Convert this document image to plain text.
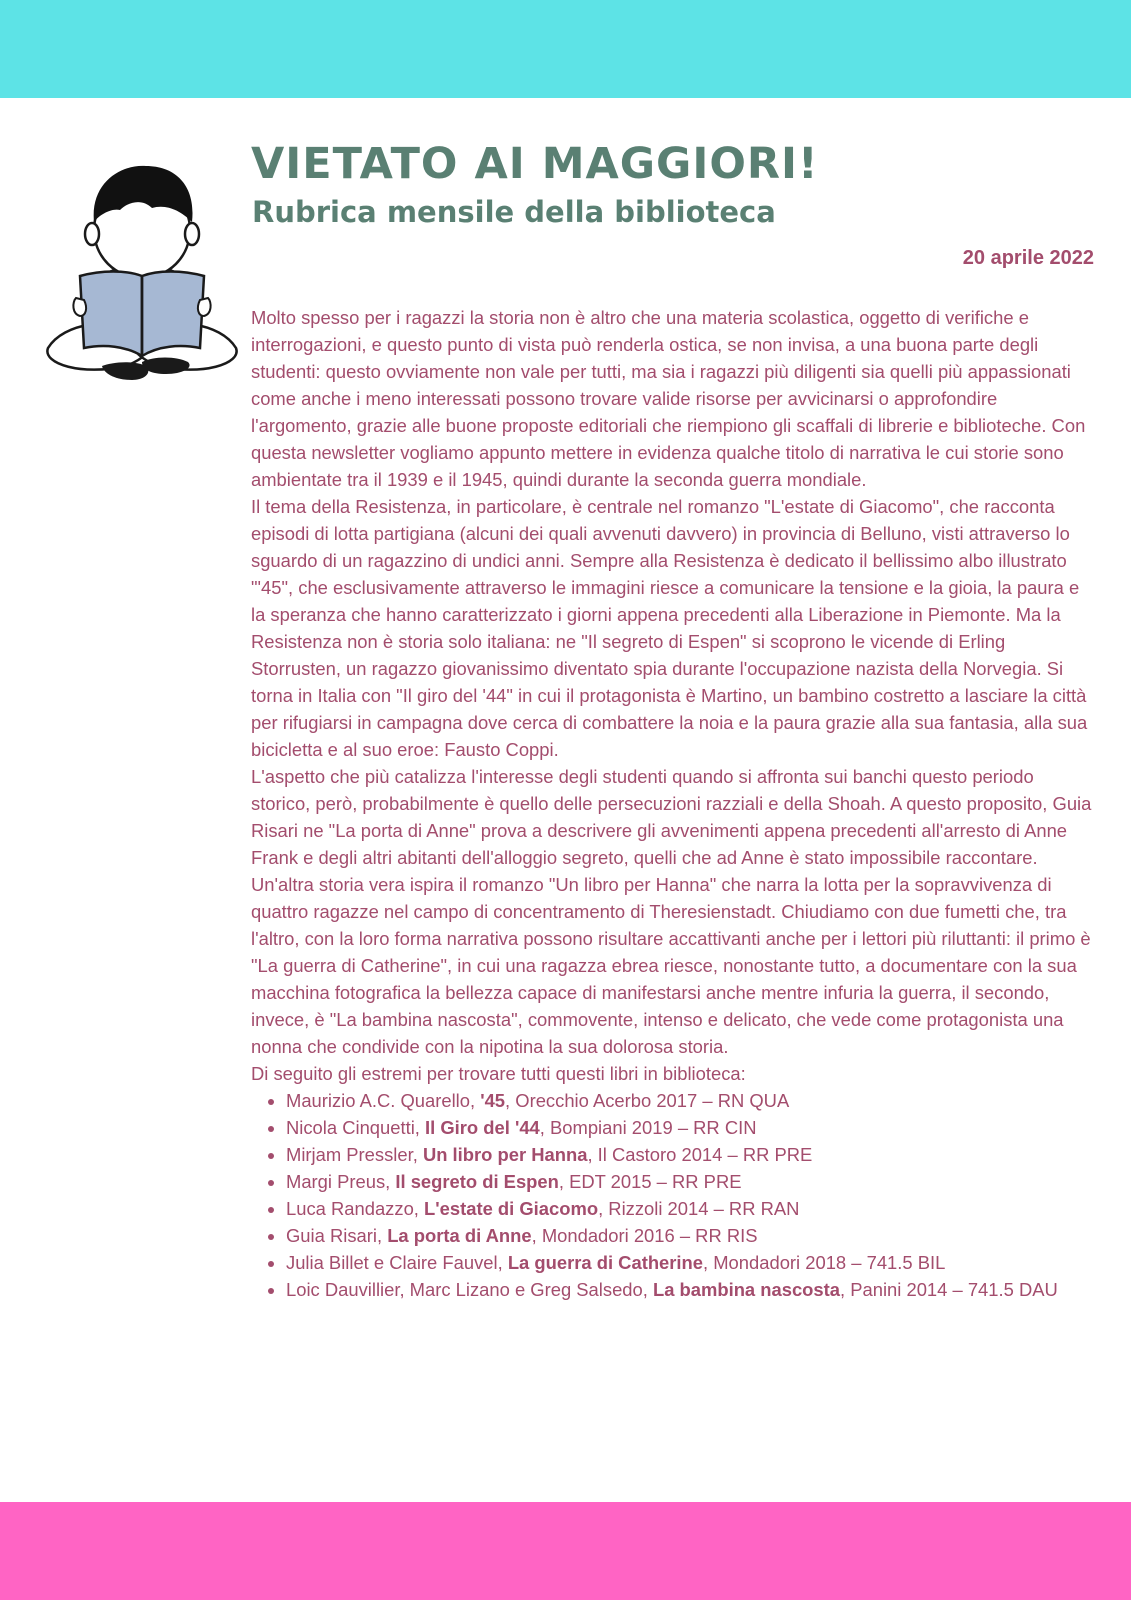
VIETATO AI MAGGIORI!
Rubrica mensile della biblioteca
20 aprile 2022

Molto spesso per i ragazzi la storia non è altro che una materia scolastica, oggetto di verifiche e interrogazioni, e questo punto di vista può renderla ostica, se non invisa, a una buona parte degli studenti: questo ovviamente non vale per tutti, ma sia i ragazzi più diligenti sia quelli più appassionati come anche i meno interessati possono trovare valide risorse per avvicinarsi o approfondire l'argomento, grazie alle buone proposte editoriali che riempiono gli scaffali di librerie e biblioteche. Con questa newsletter vogliamo appunto mettere in evidenza qualche titolo di narrativa le cui storie sono ambientate tra il 1939 e il 1945, quindi durante la seconda guerra mondiale.

Il tema della Resistenza, in particolare, è centrale nel romanzo "L'estate di Giacomo", che racconta episodi di lotta partigiana (alcuni dei quali avvenuti davvero) in provincia di Belluno, visti attraverso lo sguardo di un ragazzino di undici anni. Sempre alla Resistenza è dedicato il bellissimo albo illustrato "'45", che esclusivamente attraverso le immagini riesce a comunicare la tensione e la gioia, la paura e la speranza che hanno caratterizzato i giorni appena precedenti alla Liberazione in Piemonte. Ma la Resistenza non è storia solo italiana: ne "Il segreto di Espen" si scoprono le vicende di Erling Storrusten, un ragazzo giovanissimo diventato spia durante l'occupazione nazista della Norvegia. Si torna in Italia con "Il giro del '44" in cui il protagonista è Martino, un bambino costretto a lasciare la città per rifugiarsi in campagna dove cerca di combattere la noia e la paura grazie alla sua fantasia, alla sua bicicletta e al suo eroe: Fausto Coppi.

L'aspetto che più catalizza l'interesse degli studenti quando si affronta sui banchi questo periodo storico, però, probabilmente è quello delle persecuzioni razziali e della Shoah. A questo proposito, Guia Risari ne "La porta di Anne" prova a descrivere gli avvenimenti appena precedenti all'arresto di Anne Frank e degli altri abitanti dell'alloggio segreto, quelli che ad Anne è stato impossibile raccontare. Un'altra storia vera ispira il romanzo "Un libro per Hanna" che narra la lotta per la sopravvivenza di quattro ragazze nel campo di concentramento di Theresienstadt. Chiudiamo con due fumetti che, tra l'altro, con la loro forma narrativa possono risultare accattivanti anche per i lettori più riluttanti: il primo è "La guerra di Catherine", in cui una ragazza ebrea riesce, nonostante tutto, a documentare con la sua macchina fotografica la bellezza capace di manifestarsi anche mentre infuria la guerra, il secondo, invece, è "La bambina nascosta", commovente, intenso e delicato, che vede come protagonista una nonna che condivide con la nipotina la sua dolorosa storia.

Di seguito gli estremi per trovare tutti questi libri in biblioteca:

• Maurizio A.C. Quarello, '45, Orecchio Acerbo 2017 – RN QUA
• Nicola Cinquetti, Il Giro del '44, Bompiani 2019 – RR CIN
• Mirjam Pressler, Un libro per Hanna, Il Castoro 2014 – RR PRE
• Margi Preus, Il segreto di Espen, EDT 2015 – RR PRE
• Luca Randazzo, L'estate di Giacomo, Rizzoli 2014 – RR RAN
• Guia Risari, La porta di Anne, Mondadori 2016 – RR RIS
• Julia Billet e Claire Fauvel, La guerra di Catherine, Mondadori 2018 – 741.5 BIL
• Loic Dauvillier, Marc Lizano e Greg Salsedo, La bambina nascosta, Panini 2014 – 741.5 DAU
